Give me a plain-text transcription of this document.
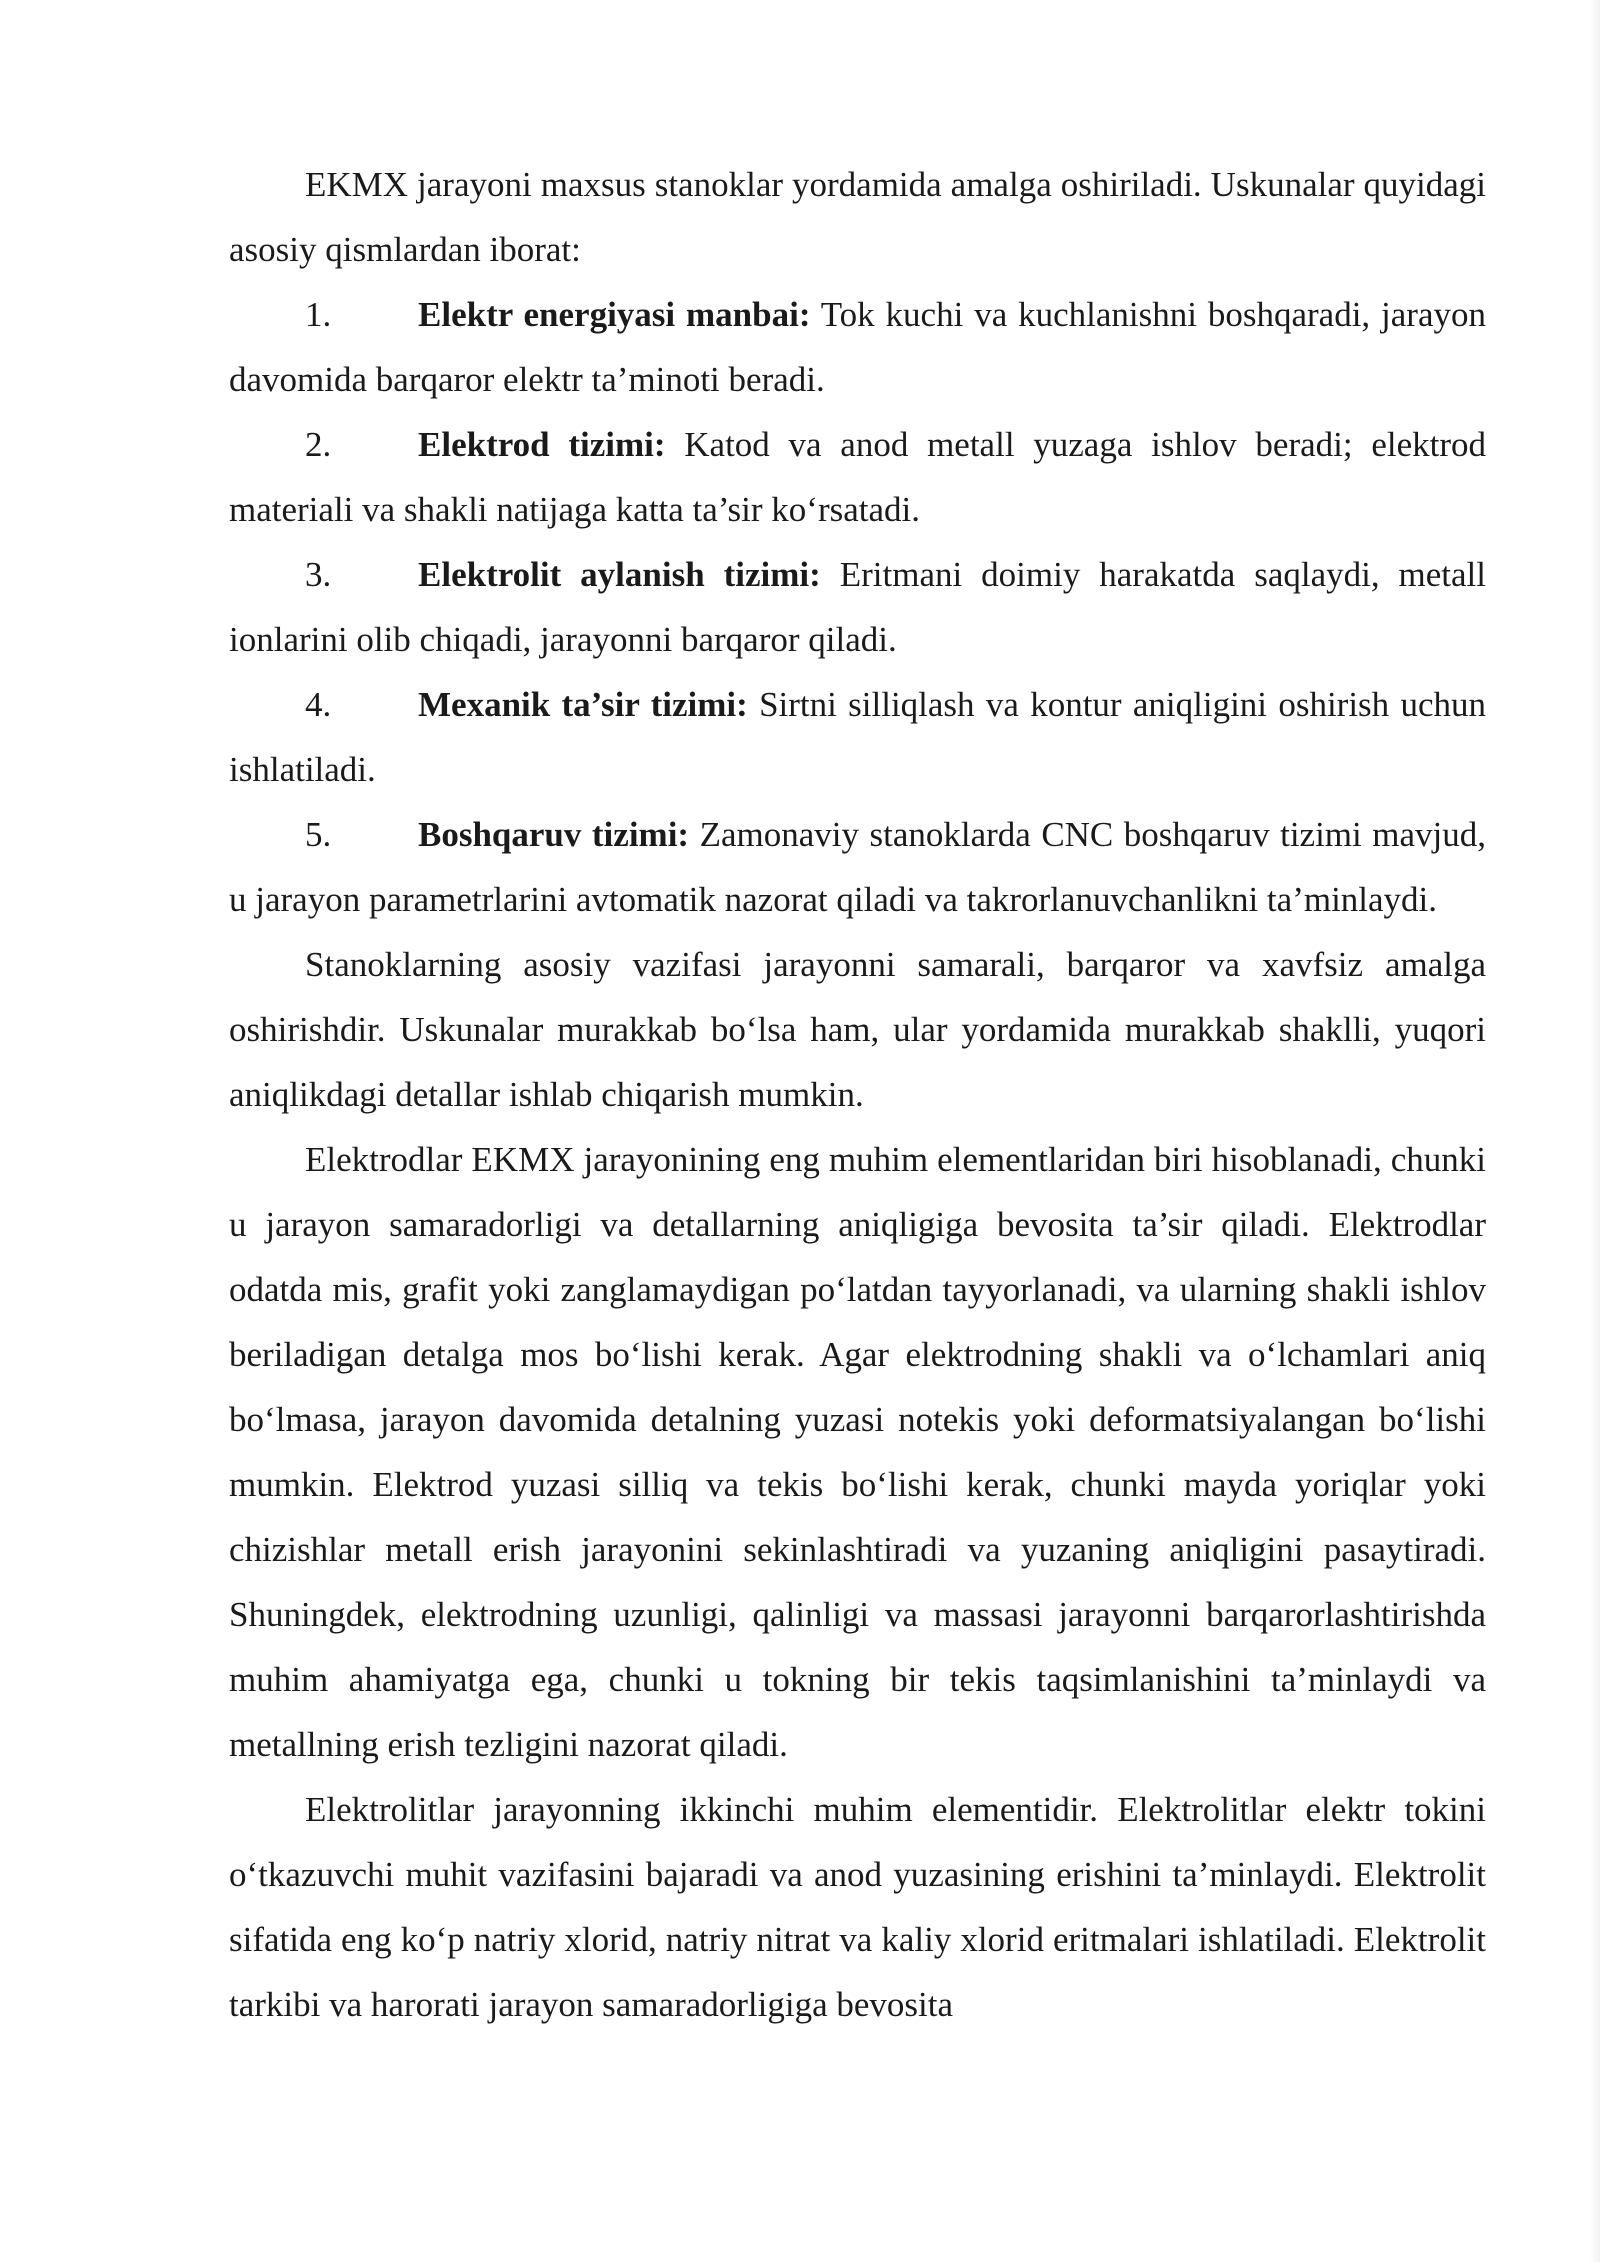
EKMX jarayoni maxsus stanoklar yordamida amalga oshiriladi. Uskunalar quyidagi asosiy qismlardan iborat:

1. Elektr energiyasi manbai: Tok kuchi va kuchlanishni boshqaradi, jarayon davomida barqaror elektr ta’minoti beradi.

2. Elektrod tizimi: Katod va anod metall yuzaga ishlov beradi; elektrod materiali va shakli natijaga katta ta’sir ko‘rsatadi.

3. Elektrolit aylanish tizimi: Eritmani doimiy harakatda saqlaydi, metall ionlarini olib chiqadi, jarayonni barqaror qiladi.

4. Mexanik ta’sir tizimi: Sirtni silliqlash va kontur aniqligini oshirish uchun ishlatiladi.

5. Boshqaruv tizimi: Zamonaviy stanoklarda CNC boshqaruv tizimi mavjud, u jarayon parametrlarini avtomatik nazorat qiladi va takrorlanuvchanlikni ta’minlaydi.

Stanoklarning asosiy vazifasi jarayonni samarali, barqaror va xavfsiz amalga oshirishdir. Uskunalar murakkab bo‘lsa ham, ular yordamida murakkab shaklli, yuqori aniqlikdagi detallar ishlab chiqarish mumkin.

Elektrodlar EKMX jarayonining eng muhim elementlaridan biri hisoblanadi, chunki u jarayon samaradorligi va detallarning aniqligiga bevosita ta’sir qiladi. Elektrodlar odatda mis, grafit yoki zanglamaydigan po‘latdan tayyorlanadi, va ularning shakli ishlov beriladigan detalga mos bo‘lishi kerak. Agar elektrodning shakli va o‘lchamlari aniq bo‘lmasa, jarayon davomida detalning yuzasi notekis yoki deformatsiyalangan bo‘lishi mumkin. Elektrod yuzasi silliq va tekis bo‘lishi kerak, chunki mayda yoriqlar yoki chizishlar metall erish jarayonini sekinlashtiradi va yuzaning aniqligini pasaytiradi. Shuningdek, elektrodning uzunligi, qalinligi va massasi jarayonni barqarorlashtirishda muhim ahamiyatga ega, chunki u tokning bir tekis taqsimlanishini ta’minlaydi va metallning erish tezligini nazorat qiladi.

Elektrolitlar jarayonning ikkinchi muhim elementidir. Elektrolitlar elektr tokini o‘tkazuvchi muhit vazifasini bajaradi va anod yuzasining erishini ta’minlaydi. Elektrolit sifatida eng ko‘p natriy xlorid, natriy nitrat va kaliy xlorid eritmalari ishlatiladi. Elektrolit tarkibi va harorati jarayon samaradorligiga bevosita
